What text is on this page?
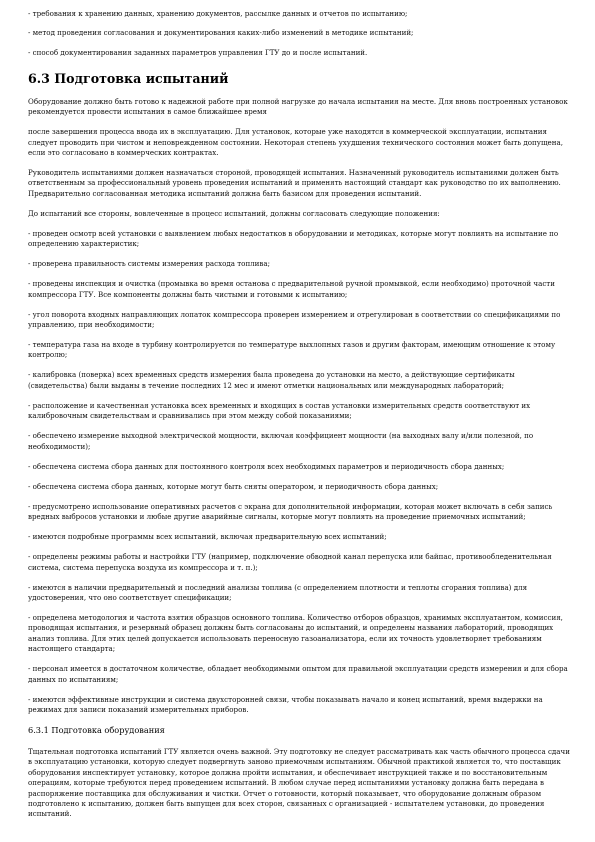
- требования к хранению данных, хранению документов, рассылке данных и отчетов по испытанию;
- метод проведения согласования и документирования каких-либо изменений в методике испытаний;
- способ документирования заданных параметров управления ГТУ до и после испытаний.
6.3 Подготовка испытаний
Оборудование должно быть готово к надежной работе при полной нагрузке до начала испытания на месте. Для вновь построенных установок рекомендуется провести испытания в самое ближайшее время
после завершения процесса ввода их в эксплуатацию. Для установок, которые уже находятся в коммерческой эксплуатации, испытания следует проводить при чистом и неповрежденном состоянии. Некоторая степень ухудшения технического состояния может быть допущена, если это согласовано в коммерческих контрактах.
Руководитель испытаниями должен назначаться стороной, проводящей испытания. Назначенный руководитель испытаниями должен быть ответственным за профессиональный уровень проведения испытаний и применять настоящий стандарт как руководство по их выполнению. Предварительно согласованная методика испытаний должна быть базисом для проведения испытаний.
До испытаний все стороны, вовлеченные в процесс испытаний, должны согласовать следующие положения:
- проведен осмотр всей установки с выявлением любых недостатков в оборудовании и методиках, которые могут повлиять на испытание по определению характеристик;
- проверена правильность системы измерения расхода топлива;
- проведены инспекция и очистка (промывка во время останова с предварительной ручной промывкой, если необходимо) проточной части компрессора ГТУ. Все компоненты должны быть чистыми и готовыми к испытанию;
- угол поворота входных направляющих лопаток компрессора проверен измерением и отрегулирован в соответствии со спецификациями по управлению, при необходимости;
- температура газа на входе в турбину контролируется по температуре выхлопных газов и другим факторам, имеющим отношение к этому контролю;
- калибровка (поверка) всех временных средств измерения была проведена до установки на место, а действующие сертификаты (свидетельства) были выданы в течение последних 12 мес и имеют отметки национальных или международных лабораторий;
- расположение и качественная установка всех временных и входящих в состав установки измерительных средств соответствуют их калибровочным свидетельствам и сравнивались при этом между собой показаниями;
- обеспечено измерение выходной электрической мощности, включая коэффициент мощности (на выходных валу и/или полезной, по необходимости);
- обеспечена система сбора данных для постоянного контроля всех необходимых параметров и периодичность сбора данных;
- обеспечена система сбора данных, которые могут быть сняты оператором, и периодичность сбора данных;
- предусмотрено использование оперативных расчетов с экрана для дополнительной информации, которая может включать в себя запись вредных выбросов установки и любые другие аварийные сигналы, которые могут повлиять на проведение приемочных испытаний;
- имеются подробные программы всех испытаний, включая предварительную всех испытаний;
- определены режимы работы и настройки ГТУ (например, подключение обводной канал перепуска или байпас, противообледенительная система, система перепуска воздуха из компрессора и т. п.);
- имеются в наличии предварительный и последний анализы топлива (с определением плотности и теплоты сгорания топлива) для удостоверения, что оно соответствует спецификации;
- определена методология и частота взятия образцов основного топлива. Количество отборов образцов, хранимых эксплуатантом, комиссия, проводящая испытания, и резервный образец должны быть согласованы до испытаний, и определены названия лабораторий, проводящих анализ топлива. Для этих целей допускается использовать переносную газоанализатора, если их точность удовлетворяет требованиям настоящего стандарта;
- персонал имеется в достаточном количестве, обладает необходимыми опытом для правильной эксплуатации средств измерения и для сбора данных по испытаниям;
- имеются эффективные инструкции и система двухсторонней связи, чтобы показывать начало и конец испытаний, время выдержки на режимах для записи показаний измерительных приборов.
6.3.1 Подготовка оборудования
Тщательная подготовка испытаний ГТУ является очень важной. Эту подготовку не следует рассматривать как часть обычного процесса сдачи в эксплуатацию установки, которую следует подвергнуть заново приемочным испытаниям. Обычной практикой является то, что поставщик оборудования инспектирует установку, которое должна пройти испытания, и обеспечивает инструкцией также и по восстановительным операциям, которые требуются перед проведением испытаний. В любом случае перед испытаниями установку должна быть передана в распоряжение поставщика для обслуживания и чистки. Отчет о готовности, который показывает, что оборудование должным образом подготовлено к испытанию, должен быть выпущен для всех сторон, связанных с организацией - испытателем установки, до проведения испытаний.
